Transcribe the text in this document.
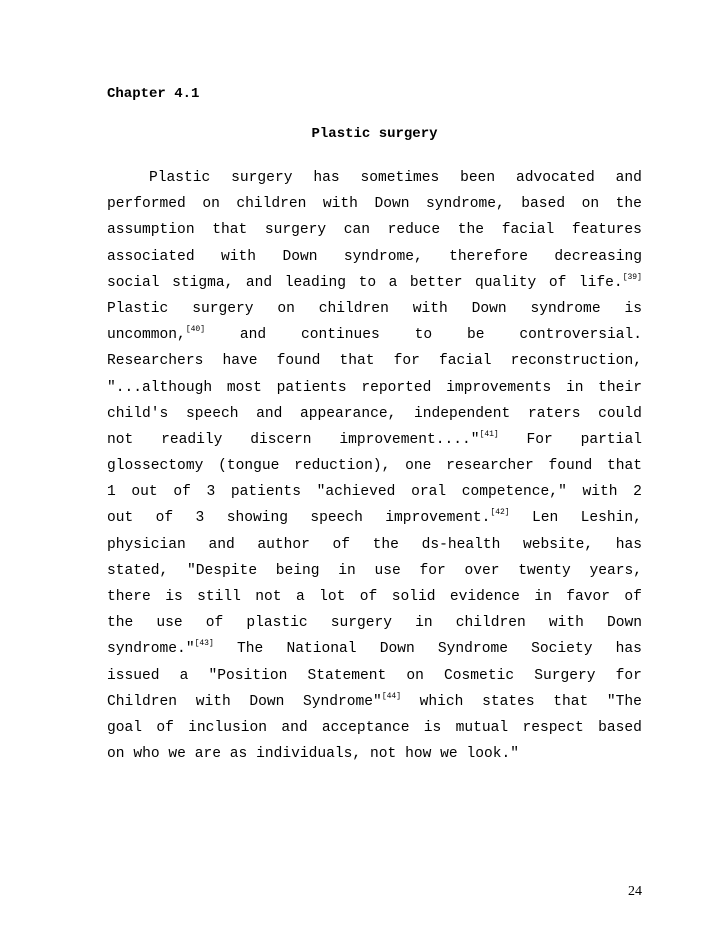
Chapter 4.1
Plastic surgery
Plastic surgery has sometimes been advocated and
performed on children with Down syndrome, based on the
assumption that surgery can reduce the facial features
associated with Down syndrome, therefore decreasing
social stigma, and leading to a better quality of life.[39]
Plastic surgery on children with Down syndrome is
uncommon,[40] and continues to be controversial.
Researchers have found that for facial reconstruction,
"...although most patients reported improvements in their
child's speech and appearance, independent raters could
not readily discern improvement...."[41] For partial
glossectomy (tongue reduction), one researcher found that
1 out of 3 patients "achieved oral competence," with 2
out of 3 showing speech improvement.[42] Len Leshin,
physician and author of the ds-health website, has
stated, "Despite being in use for over twenty years,
there is still not a lot of solid evidence in favor of
the use of plastic surgery in children with Down
syndrome."[43] The National Down Syndrome Society has
issued a "Position Statement on Cosmetic Surgery for
Children with Down Syndrome"[44] which states that "The
goal of inclusion and acceptance is mutual respect based
on who we are as individuals, not how we look."
24
